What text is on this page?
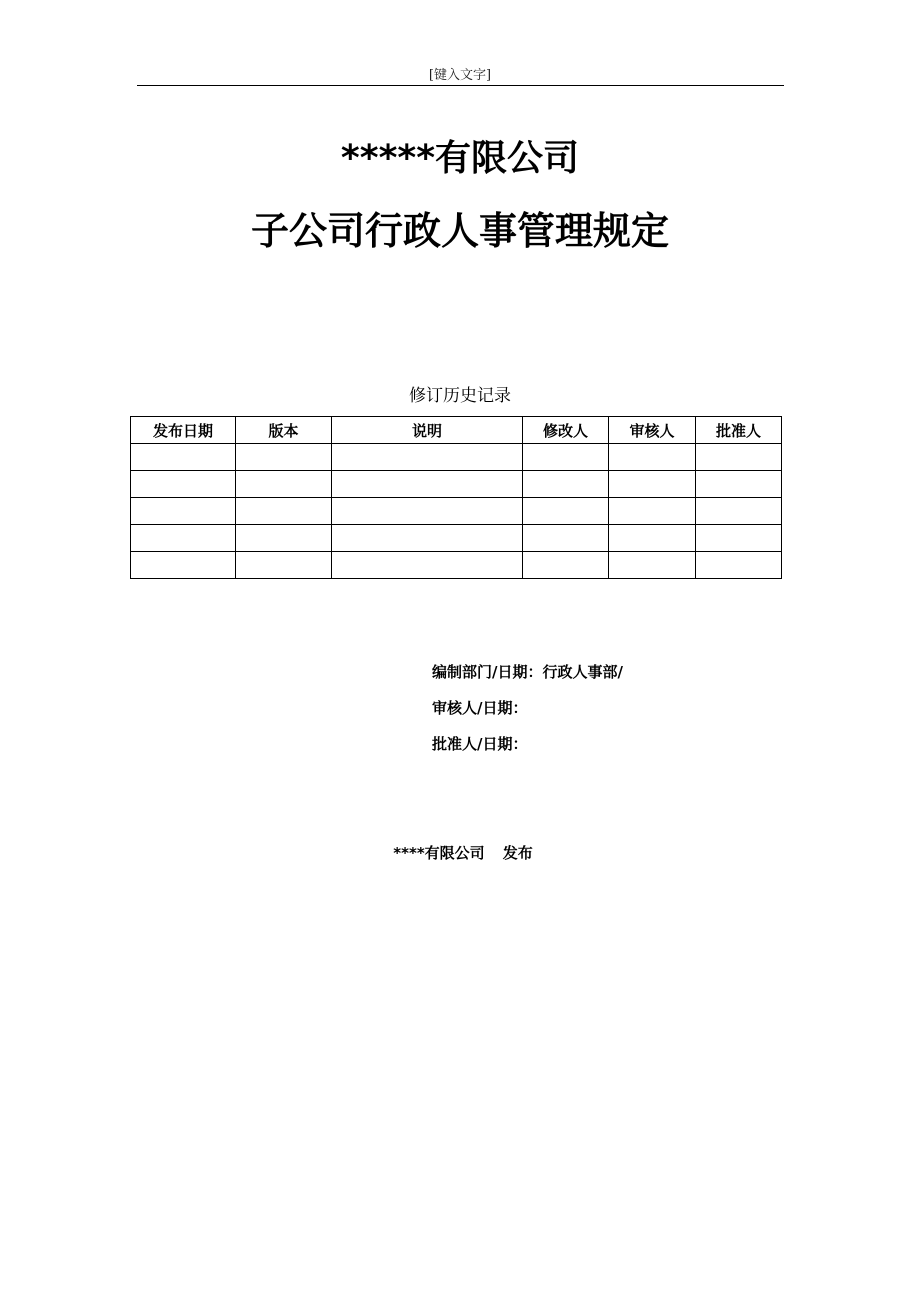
[键入文字]
*****有限公司
子公司行政人事管理规定
修订历史记录
发布日期	版本	说明	修改人	审核人	批准人

编制部门/日期：行政人事部/
审核人/日期：
批准人/日期：
****有限公司 发布
